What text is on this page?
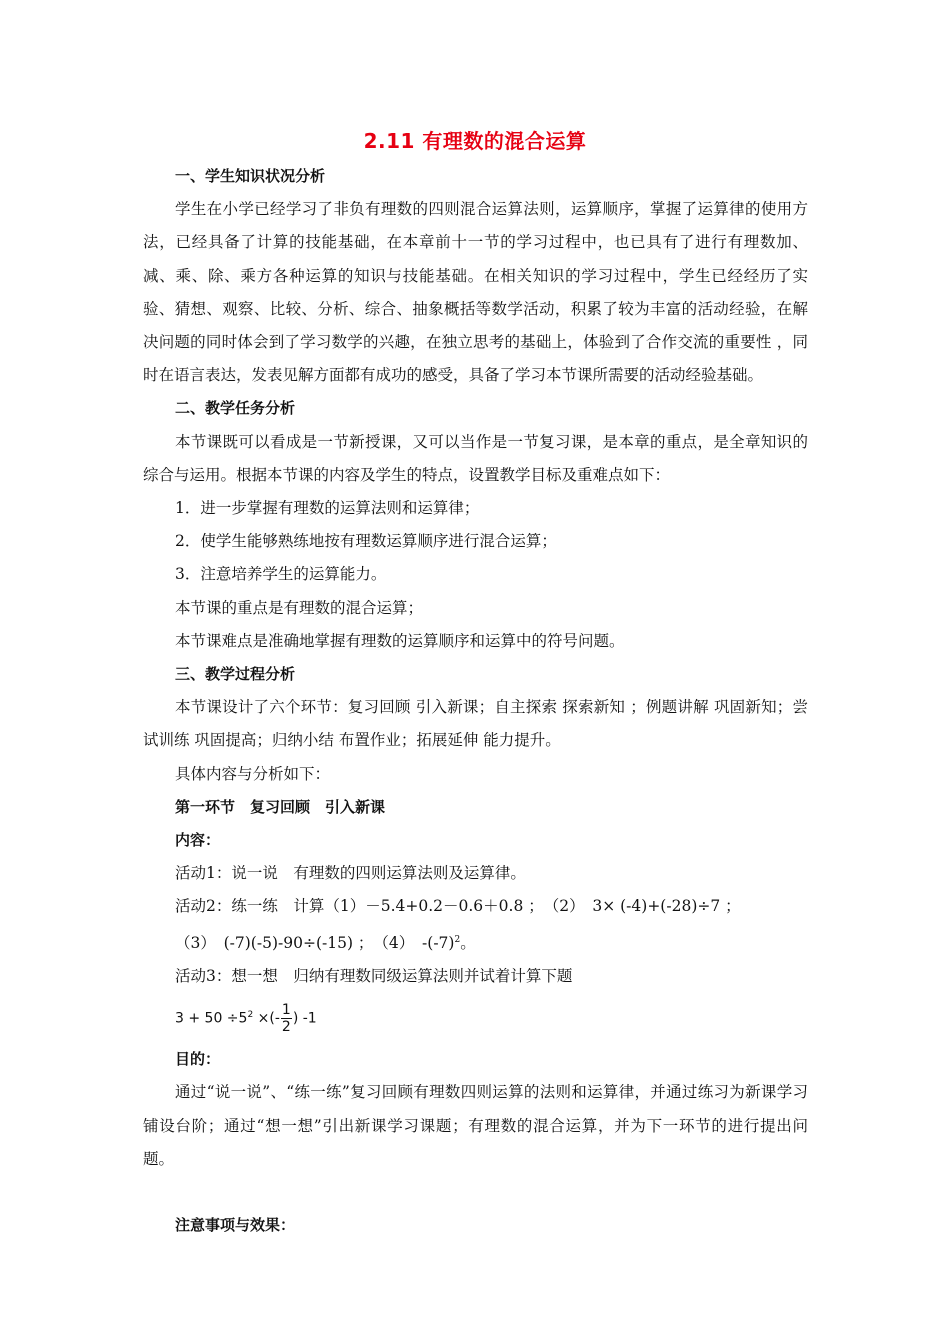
2.11 有理数的混合运算
一、学生知识状况分析
学生在小学已经学习了非负有理数的四则混合运算法则，运算顺序，掌握了运算律的使用方法，已经具备了计算的技能基础，在本章前十一节的学习过程中，也已具有了进行有理数加、减、乘、除、乘方各种运算的知识与技能基础。在相关知识的学习过程中，学生已经经历了实验、猜想、观察、比较、分析、综合、抽象概括等数学活动，积累了较为丰富的活动经验，在解决问题的同时体会到了学习数学的兴趣，在独立思考的基础上，体验到了合作交流的重要性 ，同时在语言表达，发表见解方面都有成功的感受，具备了学习本节课所需要的活动经验基础。
二、教学任务分析
本节课既可以看成是一节新授课，又可以当作是一节复习课，是本章的重点，是全章知识的综合与运用。根据本节课的内容及学生的特点，设置教学目标及重难点如下：
1．进一步掌握有理数的运算法则和运算律；
2．使学生能够熟练地按有理数运算顺序进行混合运算；
3．注意培养学生的运算能力。
本节课的重点是有理数的混合运算；
本节课难点是准确地掌握有理数的运算顺序和运算中的符号问题。
三、教学过程分析
本节课设计了六个环节：复习回顾 引入新课；自主探索 探索新知 ；例题讲解 巩固新知；尝试训练 巩固提高；归纳小结 布置作业；拓展延伸 能力提升。
具体内容与分析如下：
第一环节　复习回顾　引入新课
内容：
活动1：说一说　有理数的四则运算法则及运算律。
活动2：练一练　计算（1）－5.4+0.2－0.6＋0.8 ；　（2）　3× (-4)+(-28)÷7 ；
（3）　(-7)(-5)-90÷(-15) ；　（4）　$-(-7)^2$。
活动3：想一想　归纳有理数同级运算法则并试着计算下题
$3 + 50 \div 5^2$ ×(- $\frac{1}{2}$ ) -1
目的：
通过“说一说”、“练一练”复习回顾有理数四则运算的法则和运算律，并通过练习为新课学习铺设台阶；通过“想一想”引出新课学习课题；有理数的混合运算，并为下一环节的进行提出问题。
注意事项与效果：
